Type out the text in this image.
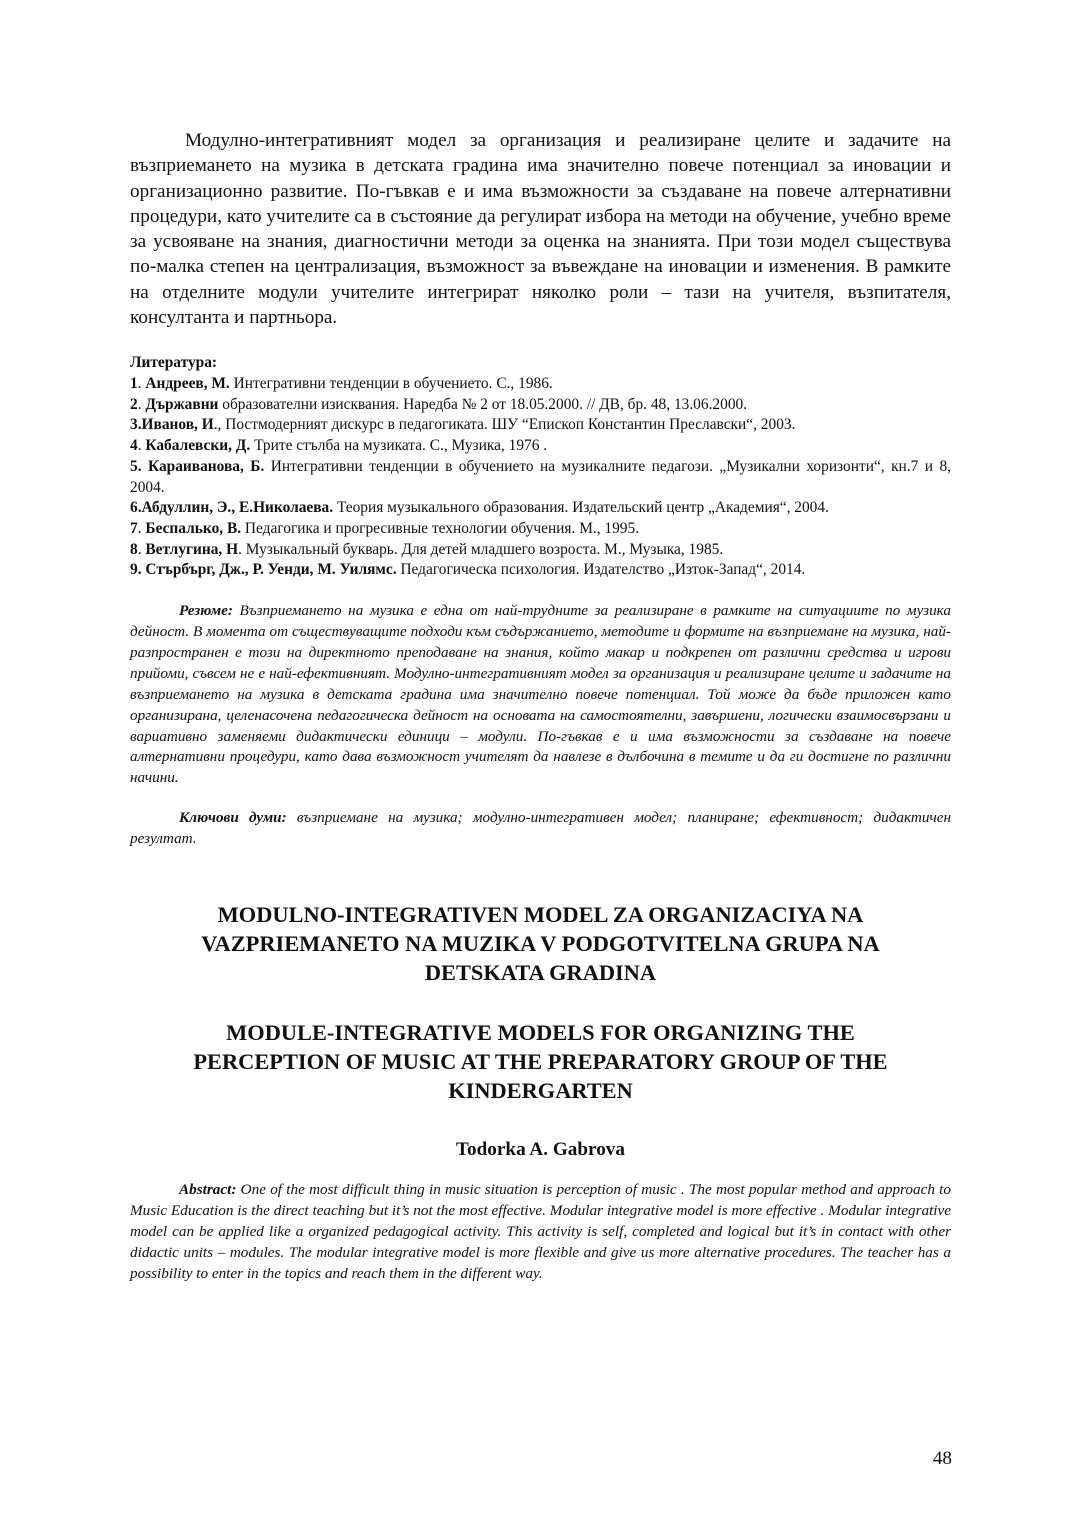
Модулно-интегративният модел за организация и реализиране целите и задачите на възприемането на музика в детската градина има значително повече потенциал за иновации и организационно развитие. По-гъвкав е и има възможности за създаване на повече алтернативни процедури, като учителите са в състояние да регулират избора на методи на обучение, учебно време за усвояване на знания, диагностични методи за оценка на знанията. При този модел съществува по-малка степен на централизация, възможност за въвеждане на иновации и изменения. В рамките на отделните модули учителите интегрират няколко роли – тази на учителя, възпитателя, консултанта и партньора.

Литература:
1. Андреев, М. Интегративни тенденции в обучението. С., 1986.
2. Държавни образователни изисквания. Наредба № 2 от 18.05.2000. // ДВ, бр. 48, 13.06.2000.
3.Иванов, И., Постмодерният дискурс в педагогиката. ШУ “Епископ Константин Преславски“, 2003.
4. Кабалевски, Д. Трите стълба на музиката. С., Музика, 1976 .
5. Караиванова, Б. Интегративни тенденции в обучението на музикалните педагози. „Музикални хоризонти“, кн.7 и 8, 2004.
6.Абдуллин, Э., Е.Николаева. Теория музыкального образования. Издательский центр „Академия“, 2004.
7. Беспалько, В. Педагогика и прогресивные технологии обучения. М., 1995.
8. Ветлугина, Н. Музыкальный букварь. Для детей младшего возроста. М., Музыка, 1985.
9. Стърбърг, Дж., Р. Уенди, М. Уилямс. Педагогическа психология. Издателство „Изток-Запад“, 2014.
Резюме: Възприемането на музика е една от най-трудните за реализиране в рамките на ситуациите по музика дейност. В момента от съществуващите подходи към съдържанието, методите и формите на възприемане на музика, най-разпространен е този на директното преподаване на знания, който макар и подкрепен от различни средства и игрови прийоми, съвсем не е най-ефективният. Модулно-интегративният модел за организация и реализиране целите и задачите на възприемането на музика в детската градина има значително повече потенциал. Той може да бъде приложен като организирана, целенасочена педагогическа дейност на основата на самостоятелни, завършени, логически взаимосвързани и вариативно заменяеми дидактически единици – модули. По-гъвкав е и има възможности за създаване на повече алтернативни процедури, като дава възможност учителят да навлезе в дълбочина в темите и да ги достигне по различни начини.
Ключови думи: възприемане на музика; модулно-интегративен модел; планиране; ефективност; дидактичен резултат.
MODULNO-INTEGRATIVEN MODEL ZA ORGANIZACIYA NA
VAZPRIEMANETO NA MUZIKA V PODGOTVITELNA GRUPA NA
DETSKATA GRADINA
MODULE-INTEGRATIVE MODELS FOR ORGANIZING THE
PERCEPTION OF MUSIC AT THE PREPARATORY GROUP OF THE
KINDERGARTEN
Todorka A. Gabrova
Abstract: One of the most difficult thing in music situation is perception of music . The most popular method and approach to Music Education is the direct teaching but it’s not the most effective. Modular integrative model is more effective . Modular integrative model can be applied like a organized pedagogical activity. This activity is self, completed and logical but it’s in contact with other didactic units – modules. The modular integrative model is more flexible and give us more alternative procedures. The teacher has a possibility to enter in the topics and reach them in the different way.
48
